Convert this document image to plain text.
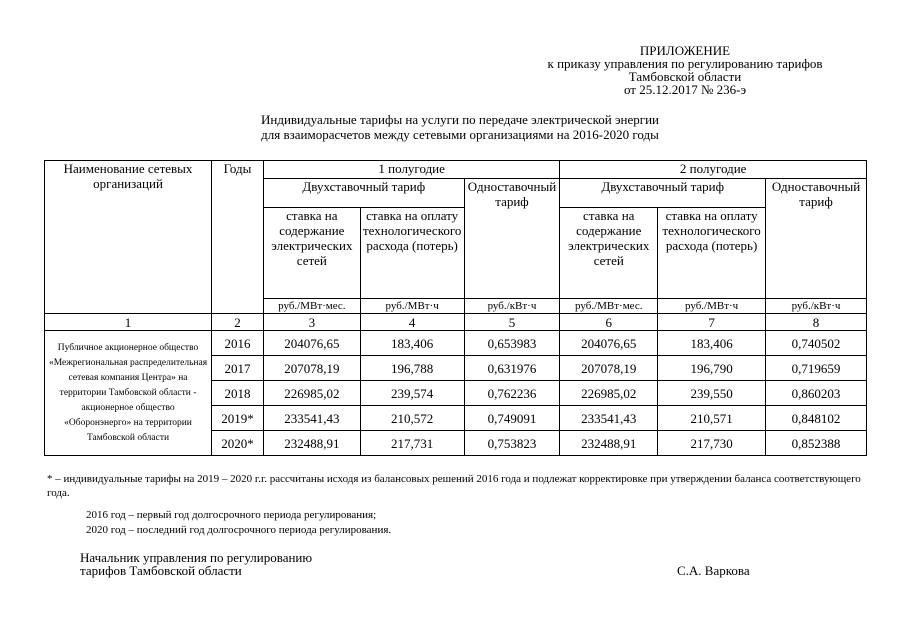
ПРИЛОЖЕНИЕ
к приказу управления по регулированию тарифов
Тамбовской области
от 25.12.2017 № 236-э
Индивидуальные тарифы на услуги по передаче электрической энергии
для взаиморасчетов между сетевыми организациями на 2016-2020 годы
Наименование сетевых организаций	Годы	1 полугодие			2 полугодие		
		Двухставочный тариф		Одноставочный тариф	Двухставочный тариф		Одноставочный тариф
		ставка на содержание электрических сетей	ставка на оплату технологического расхода (потерь)		ставка на содержание электрических сетей	ставка на оплату технологического расхода (потерь)	
		руб./МВт·мес.	руб./МВт·ч	руб./кВт·ч	руб./МВт·мес.	руб./МВт·ч	руб./кВт·ч
1	2	3	4	5	6	7	8
Публичное акционерное общество «Межрегиональная распределительная сетевая компания Центра» на территории Тамбовской области - акционерное общество «Оборонэнерго» на территории Тамбовской области	2016	204076,65	183,406	0,653983	204076,65	183,406	0,740502
	2017	207078,19	196,788	0,631976	207078,19	196,790	0,719659
	2018	226985,02	239,574	0,762236	226985,02	239,550	0,860203
	2019*	233541,43	210,572	0,749091	233541,43	210,571	0,848102
	2020*	232488,91	217,731	0,753823	232488,91	217,730	0,852388
* – индивидуальные тарифы на 2019 – 2020 г.г. рассчитаны исходя из балансовых решений 2016 года и подлежат корректировке при утверждении баланса соответствующего года.
2016 год – первый год долгосрочного периода регулирования;
2020 год – последний год долгосрочного периода регулирования.
Начальник управления по регулированию
тарифов Тамбовской области	С.А. Варкова
